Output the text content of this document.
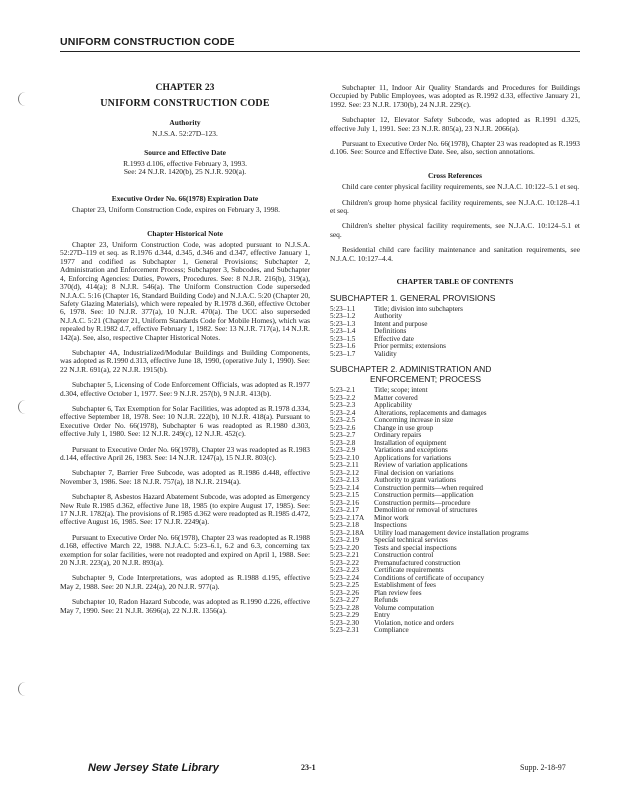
UNIFORM CONSTRUCTION CODE
CHAPTER 23
UNIFORM CONSTRUCTION CODE
Authority
N.J.S.A. 52:27D–123.
Source and Effective Date
R.1993 d.106, effective February 3, 1993.
See: 24 N.J.R. 1420(b), 25 N.J.R. 920(a).
Executive Order No. 66(1978) Expiration Date

Chapter 23, Uniform Construction Code, expires on February 3, 1998.

Chapter Historical Note

Chapter 23, Uniform Construction Code, was adopted pursuant to N.J.S.A. 52:27D–119 et seq. as R.1976 d.344, d.345, d.346 and d.347, effective January 1, 1977 and codified as Subchapter 1, General Provisions; Subchapter 2, Administration and Enforcement Process; Subchapter 3, Subcodes, and Subchapter 4, Enforcing Agencies: Duties, Powers, Procedures. See: 8 N.J.R. 216(b), 319(a), 370(d), 414(a); 8 N.J.R. 546(a). The Uniform Construction Code superseded N.J.A.C. 5:16 (Chapter 16, Standard Building Code) and N.J.A.C. 5:20 (Chapter 20, Safety Glazing Materials), which were repealed by R.1978 d.360, effective October 6, 1978. See: 10 N.J.R. 377(a), 10 N.J.R. 470(a). The UCC also superseded N.J.A.C. 5:21 (Chapter 21, Uniform Standards Code for Mobile Homes), which was repealed by R.1982 d.7, effective February 1, 1982. See: 13 N.J.R. 717(a), 14 N.J.R. 142(a). See, also, respective Chapter Historical Notes.

Subchapter 4A, Industrialized/Modular Buildings and Building Components, was adopted as R.1990 d.313, effective June 18, 1990, (operative July 1, 1990). See: 22 N.J.R. 691(a), 22 N.J.R. 1915(b).

Subchapter 5, Licensing of Code Enforcement Officials, was adopted as R.1977 d.304, effective October 1, 1977. See: 9 N.J.R. 257(b), 9 N.J.R. 413(b).

Subchapter 6, Tax Exemption for Solar Facilities, was adopted as R.1978 d.334, effective September 18, 1978. See: 10 N.J.R. 222(b), 10 N.J.R. 418(a). Pursuant to Executive Order No. 66(1978), Subchapter 6 was readopted as R.1980 d.303, effective July 1, 1980. See: 12 N.J.R. 249(c), 12 N.J.R. 452(c).

Pursuant to Executive Order No. 66(1978), Chapter 23 was readopted as R.1983 d.144, effective April 26, 1983. See: 14 N.J.R. 1247(a), 15 N.J.R. 803(c).

Subchapter 7, Barrier Free Subcode, was adopted as R.1986 d.448, effective November 3, 1986. See: 18 N.J.R. 757(a), 18 N.J.R. 2194(a).

Subchapter 8, Asbestos Hazard Abatement Subcode, was adopted as Emergency New Rule R.1985 d.362, effective June 18, 1985 (to expire August 17, 1985). See: 17 N.J.R. 1782(a). The provisions of R.1985 d.362 were readopted as R.1985 d.472, effective August 16, 1985. See: 17 N.J.R. 2249(a).

Pursuant to Executive Order No. 66(1978), Chapter 23 was readopted as R.1988 d.168, effective March 22, 1988. N.J.A.C. 5:23–6.1, 6.2 and 6.3, concerning tax exemption for solar facilities, were not readopted and expired on April 1, 1988. See: 20 N.J.R. 223(a), 20 N.J.R. 893(a).

Subchapter 9, Code Interpretations, was adopted as R.1988 d.195, effective May 2, 1988. See: 20 N.J.R. 224(a), 20 N.J.R. 977(a).

Subchapter 10, Radon Hazard Subcode, was adopted as R.1990 d.226, effective May 7, 1990. See: 21 N.J.R. 3696(a), 22 N.J.R. 1356(a).

Subchapter 11, Indoor Air Quality Standards and Procedures for Buildings Occupied by Public Employees, was adopted as R.1992 d.33, effective January 21, 1992. See: 23 N.J.R. 1730(b), 24 N.J.R. 229(c).

Subchapter 12, Elevator Safety Subcode, was adopted as R.1991 d.325, effective July 1, 1991. See: 23 N.J.R. 805(a), 23 N.J.R. 2066(a).

Pursuant to Executive Order No. 66(1978), Chapter 23 was readopted as R.1993 d.106. See: Source and Effective Date. See, also, section annotations.

Cross References

Child care center physical facility requirements, see N.J.A.C. 10:122–5.1 et seq.

Children's group home physical facility requirements, see N.J.A.C. 10:128–4.1 et seq.

Children's shelter physical facility requirements, see N.J.A.C. 10:124–5.1 et seq.

Residential child care facility maintenance and sanitation requirements, see N.J.A.C. 10:127–4.4.

CHAPTER TABLE OF CONTENTS
SUBCHAPTER 1. GENERAL PROVISIONS
5:23–1.1	Title; division into subchapters
5:23–1.2	Authority
5:23–1.3	Intent and purpose
5:23–1.4	Definitions
5:23–1.5	Effective date
5:23–1.6	Prior permits; extensions
5:23–1.7	Validity
SUBCHAPTER 2. ADMINISTRATION AND
ENFORCEMENT; PROCESS
5:23–2.1	Title; scope; intent
5:23–2.2	Matter covered
5:23–2.3	Applicability
5:23–2.4	Alterations, replacements and damages
5:23–2.5	Concerning increase in size
5:23–2.6	Change in use group
5:23–2.7	Ordinary repairs
5:23–2.8	Installation of equipment
5:23–2.9	Variations and exceptions
5:23–2.10	Applications for variations
5:23–2.11	Review of variation applications
5:23–2.12	Final decision on variations
5:23–2.13	Authority to grant variations
5:23–2.14	Construction permits—when required
5:23–2.15	Construction permits—application
5:23–2.16	Construction permits—procedure
5:23–2.17	Demolition or removal of structures
5:23–2.17A	Minor work
5:23–2.18	Inspections
5:23–2.18A	Utility load management device installation programs
5:23–2.19	Special technical services
5:23–2.20	Tests and special inspections
5:23–2.21	Construction control
5:23–2.22	Premanufactured construction
5:23–2.23	Certificate requirements
5:23–2.24	Conditions of certificate of occupancy
5:23–2.25	Establishment of fees
5:23–2.26	Plan review fees
5:23–2.27	Refunds
5:23–2.28	Volume computation
5:23–2.29	Entry
5:23–2.30	Violation, notice and orders
5:23–2.31	Compliance
New Jersey State Library	23-1	Supp. 2-18-97
